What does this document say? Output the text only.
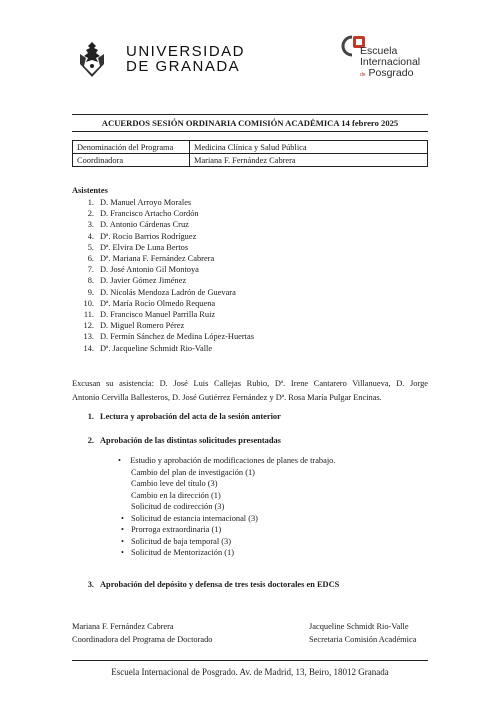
UNIVERSIDAD
DE GRANADA
Escuela
Internacional
de Posgrado
ACUERDOS SESIÓN ORDINARIA COMISIÓN ACADÉMICA 14 febrero 2025
Denominación del Programa	Medicina Clínica y Salud Pública
Coordinadora	Mariana F. Fernández Cabrera
Asistentes
1. D. Manuel Arroyo Morales
2. D. Francisco Artacho Cordón
3. D. Antonio Cárdenas Cruz
4. Dª. Rocío Barrios Rodríguez
5. Dª. Elvira De Luna Bertos
6. Dª. Mariana F. Fernández Cabrera
7. D. José Antonio Gil Montoya
8. D. Javier Gómez Jiménez
9. D. Nicolás Mendoza Ladrón de Guevara
10. Dª. María Rocío Olmedo Requena
11. D. Francisco Manuel Parrilla Ruiz
12. D. Miguel Romero Pérez
13. D. Fermín Sánchez de Medina López-Huertas
14. Dª. Jacqueline Schmidt Rio-Valle
Excusan su asistencia: D. José Luis Callejas Rubio, Dª. Irene Cantarero Villanueva, D. Jorge
Antonio Cervilla Ballesteros, D. José Gutiérrez Fernández y Dª. Rosa María Pulgar Encinas.
1. Lectura y aprobación del acta de la sesión anterior
2. Aprobación de las distintas solicitudes presentadas
• Estudio y aprobación de modificaciones de planes de trabajo.
Cambio del plan de investigación (1)
Cambio leve del título (3)
Cambio en la dirección (1)
Solicitud de codirección (3)
• Solicitud de estancia internacional (3)
• Prorroga extraordinaria (1)
• Solicitud de baja temporal (3)
• Solicitud de Mentorización (1)
3. Aprobación del depósito y defensa de tres tesis doctorales en EDCS
Mariana F. Fernández Cabrera
Coordinadora del Programa de Doctorado
Jacqueline Schmidt Rio-Valle
Secretaria Comisión Académica
Escuela Internacional de Posgrado. Av. de Madrid, 13, Beiro, 18012 Granada
